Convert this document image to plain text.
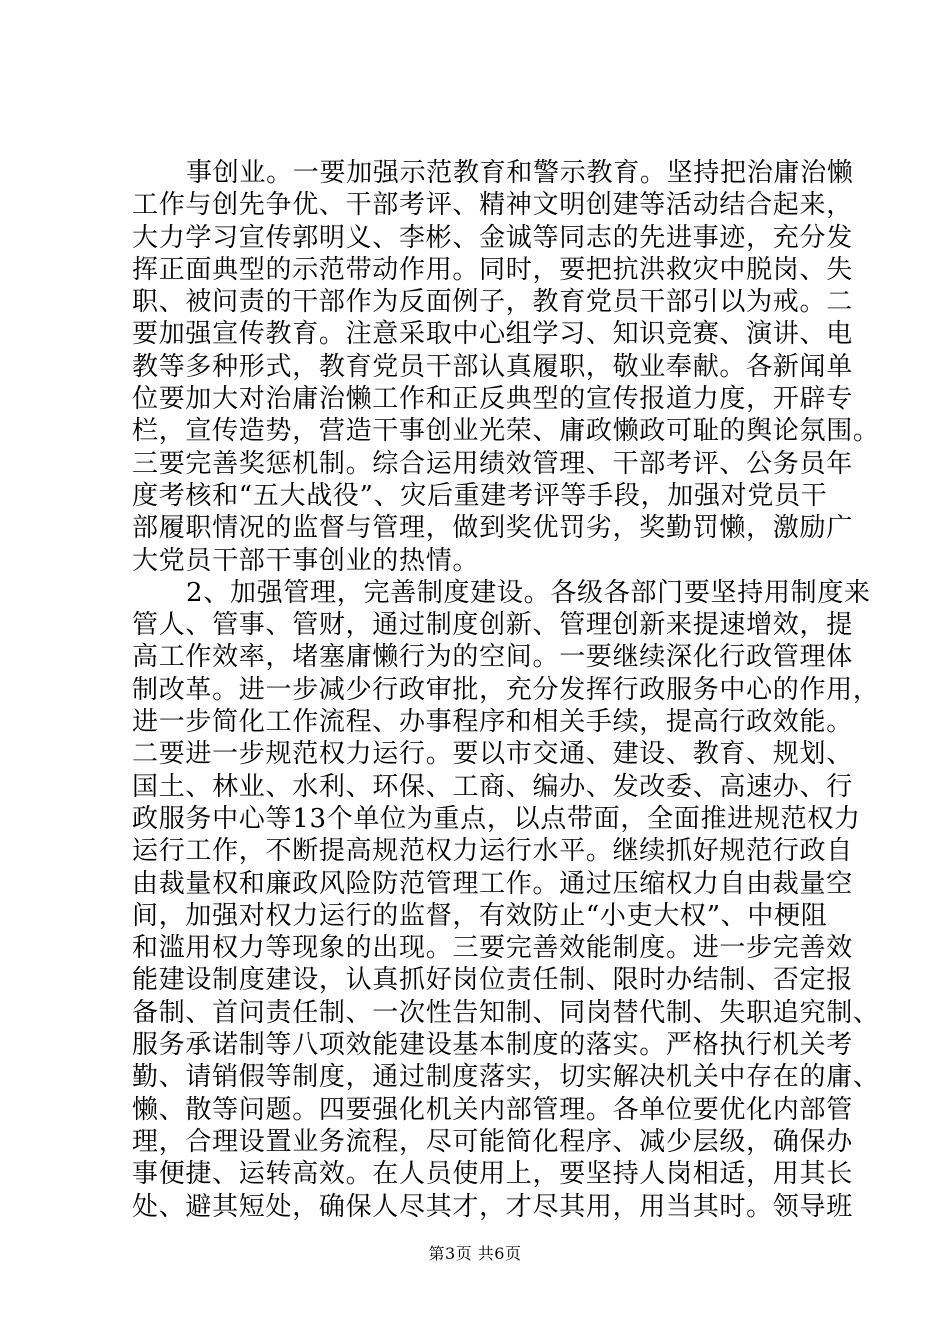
事创业。一要加强示范教育和警示教育。坚持把治庸治懒
工作与创先争优、干部考评、精神文明创建等活动结合起来，
大力学习宣传郭明义、李彬、金诚等同志的先进事迹，充分发
挥正面典型的示范带动作用。同时，要把抗洪救灾中脱岗、失
职、被问责的干部作为反面例子，教育党员干部引以为戒。二
要加强宣传教育。注意采取中心组学习、知识竞赛、演讲、电
教等多种形式，教育党员干部认真履职，敬业奉献。各新闻单
位要加大对治庸治懒工作和正反典型的宣传报道力度，开辟专
栏，宣传造势，营造干事创业光荣、庸政懒政可耻的舆论氛围。
三要完善奖惩机制。综合运用绩效管理、干部考评、公务员年
度考核和“五大战役”、灾后重建考评等手段，加强对党员干
部履职情况的监督与管理，做到奖优罚劣，奖勤罚懒，激励广
大党员干部干事创业的热情。
2、加强管理，完善制度建设。各级各部门要坚持用制度来
管人、管事、管财，通过制度创新、管理创新来提速增效，提
高工作效率，堵塞庸懒行为的空间。一要继续深化行政管理体
制改革。进一步减少行政审批，充分发挥行政服务中心的作用，
进一步简化工作流程、办事程序和相关手续，提高行政效能。
二要进一步规范权力运行。要以市交通、建设、教育、规划、
国土、林业、水利、环保、工商、编办、发改委、高速办、行
政服务中心等13个单位为重点，以点带面，全面推进规范权力
运行工作，不断提高规范权力运行水平。继续抓好规范行政自
由裁量权和廉政风险防范管理工作。通过压缩权力自由裁量空
间，加强对权力运行的监督，有效防止“小吏大权”、中梗阻
和滥用权力等现象的出现。三要完善效能制度。进一步完善效
能建设制度建设，认真抓好岗位责任制、限时办结制、否定报
备制、首问责任制、一次性告知制、同岗替代制、失职追究制、
服务承诺制等八项效能建设基本制度的落实。严格执行机关考
勤、请销假等制度，通过制度落实，切实解决机关中存在的庸、
懒、散等问题。四要强化机关内部管理。各单位要优化内部管
理，合理设置业务流程，尽可能简化程序、减少层级，确保办
事便捷、运转高效。在人员使用上，要坚持人岗相适，用其长
处、避其短处，确保人尽其才，才尽其用，用当其时。领导班
第3页 共6页
